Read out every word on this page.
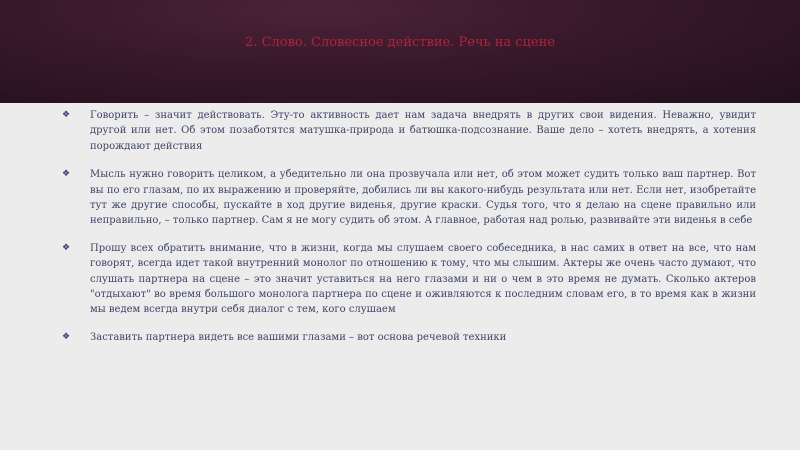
2. Слово. Словесное действие. Речь на сцене
❖	Говорить – значит действовать. Эту-то активность дает нам задача внедрять в других свои видения. Неважно, увидит другой или нет. Об этом позаботятся матушка-природа и батюшка-подсознание. Ваше дело – хотеть внедрять, а хотения порождают действия
❖	Мысль нужно говорить целиком, а убедительно ли она прозвучала или нет, об этом может судить только ваш партнер. Вот вы по его глазам, по их выражению и проверяйте, добились ли вы какого-нибудь результата или нет. Если нет, изобретайте тут же другие способы, пускайте в ход другие виденья, другие краски. Судья того, что я делаю на сцене правильно или неправильно, – только партнер. Сам я не могу судить об этом. А главное, работая над ролью, развивайте эти виденья в себе
❖	Прошу всех обратить внимание, что в жизни, когда мы слушаем своего собеседника, в нас самих в ответ на все, что нам говорят, всегда идет такой внутренний монолог по отношению к тому, что мы слышим. Актеры же очень часто думают, что слушать партнера на сцене – это значит уставиться на него глазами и ни о чем в это время не думать. Сколько актеров "отдыхают" во время большого монолога партнера по сцене и оживляются к последним словам его, в то время как в жизни мы ведем всегда внутри себя диалог с тем, кого слушаем
❖	Заставить партнера видеть все вашими глазами – вот основа речевой техники
